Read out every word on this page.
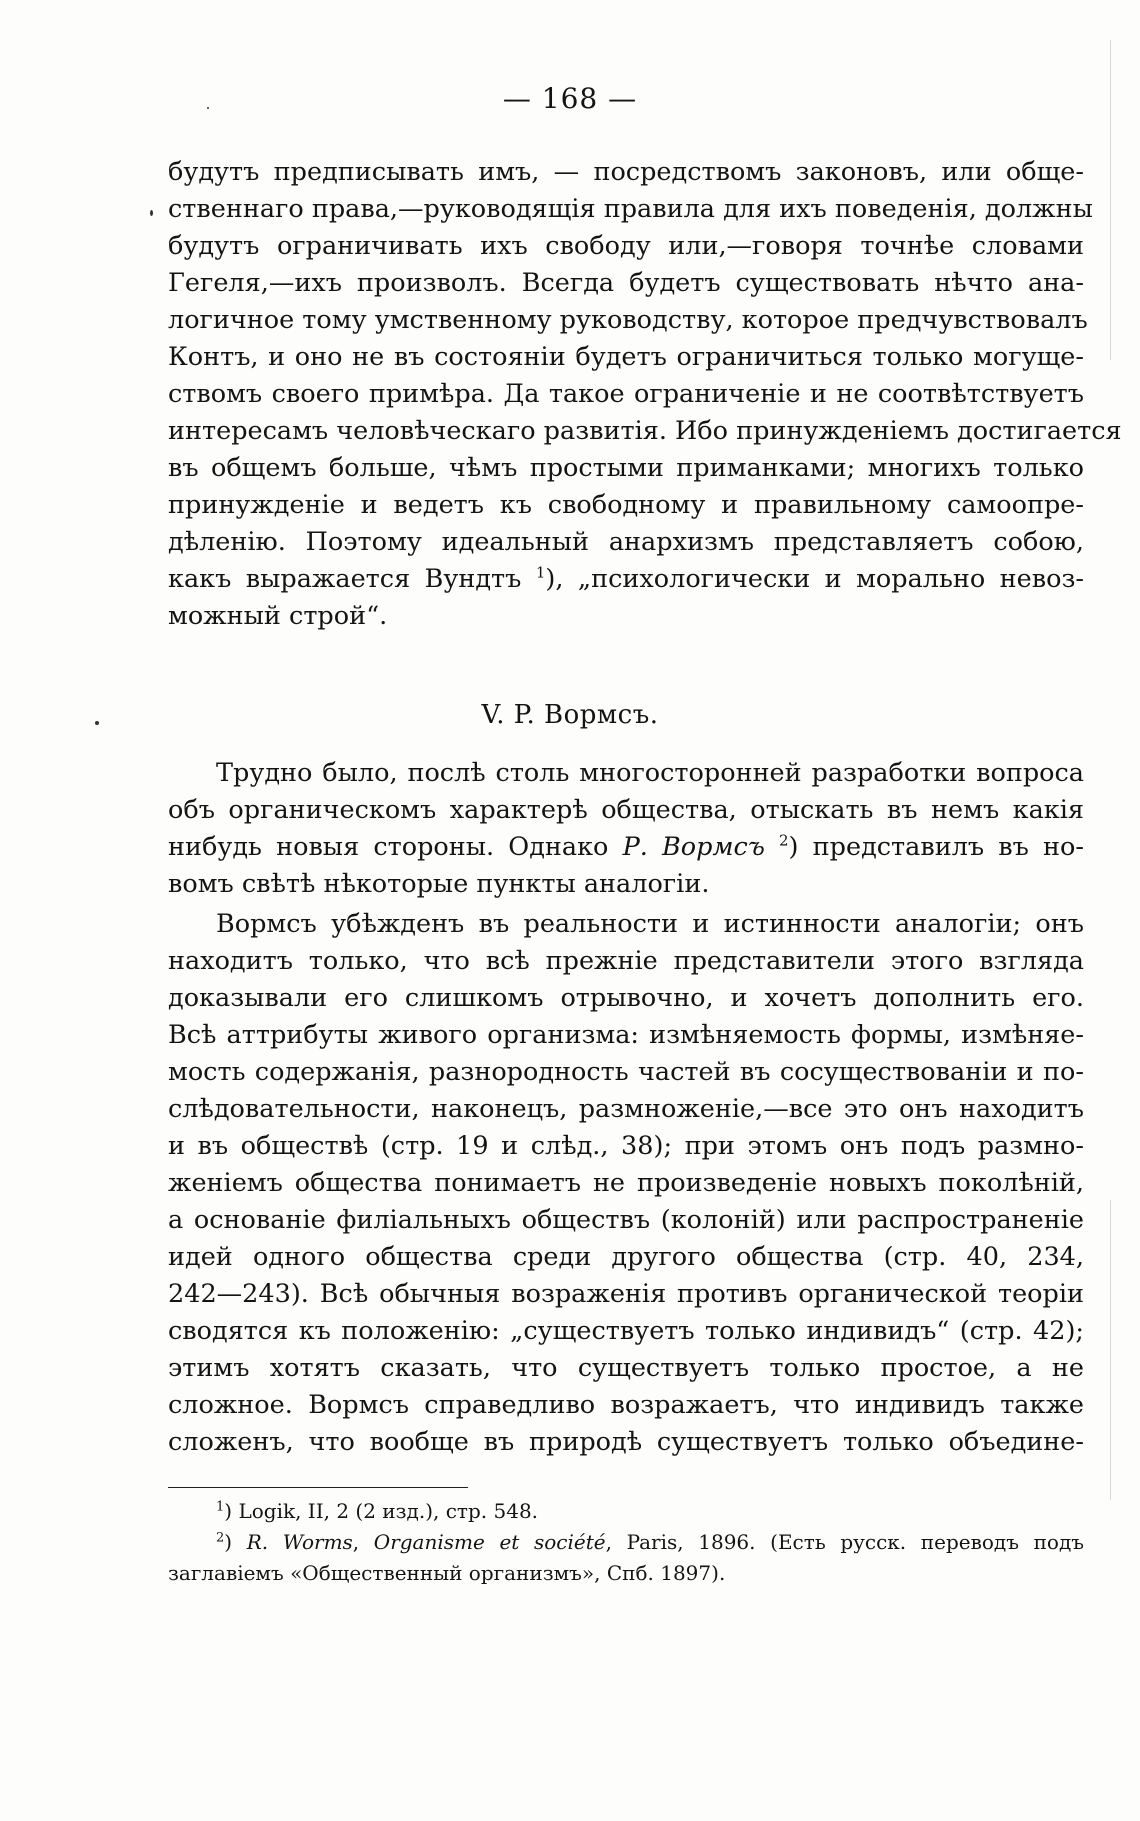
— 168 —
будутъ предписывать имъ, — посредствомъ законовъ, или обще-
ственнаго права,—руководящія правила для ихъ поведенія, должны
будутъ ограничивать ихъ свободу или,—говоря точнѣе словами
Гегеля,—ихъ произволъ. Всегда будетъ существовать нѣчто ана-
логичное тому умственному руководству, которое предчувствовалъ
Контъ, и оно не въ состояніи будетъ ограничиться только могуще-
ствомъ своего примѣра. Да такое ограниченіе и не соотвѣтствуетъ
интересамъ человѣческаго развитія. Ибо принужденіемъ достигается
въ общемъ больше, чѣмъ простыми приманками; многихъ только
принужденіе и ведетъ къ свободному и правильному самоопре-
дѣленію. Поэтому идеальный анархизмъ представляетъ собою,
какъ выражается Вундтъ $^1$), „психологически и морально невоз-
можный строй“.
V. P. Вормсъ.
Трудно было, послѣ столь многосторонней разработки вопроса
объ органическомъ характерѣ общества, отыскать въ немъ какія
нибудь новыя стороны. Однако Р. Вормсъ $^2$) представилъ въ но-
вомъ свѣтѣ нѣкоторые пункты аналогіи.
Вормсъ убѣжденъ въ реальности и истинности аналогіи; онъ
находитъ только, что всѣ прежніе представители этого взгляда
доказывали его слишкомъ отрывочно, и хочетъ дополнить его.
Всѣ аттрибуты живого организма: измѣняемость формы, измѣняе-
мость содержанія, разнородность частей въ сосуществованіи и по-
слѣдовательности, наконецъ, размноженіе,—все это онъ находитъ
и въ обществѣ (стр. 19 и слѣд., 38); при этомъ онъ подъ размно-
женіемъ общества понимаетъ не произведеніе новыхъ поколѣній,
а основаніе филіальныхъ обществъ (колоній) или распространеніе
идей одного общества среди другого общества (стр. 40, 234,
242—243). Всѣ обычныя возраженія противъ органической теоріи
сводятся къ положенію: „существуетъ только индивидъ“ (стр. 42);
этимъ хотятъ сказать, что существуетъ только простое, а не
сложное. Вормсъ справедливо возражаетъ, что индивидъ также
сложенъ, что вообще въ природѣ существуетъ только объедине-
$^1$) Logik, II, 2 (2 изд.), стр. 548.
$^2$) R. Worms, Organisme et société, Paris, 1896. (Есть русск. переводъ подъ
заглавіемъ «Общественный организмъ», Спб. 1897).
